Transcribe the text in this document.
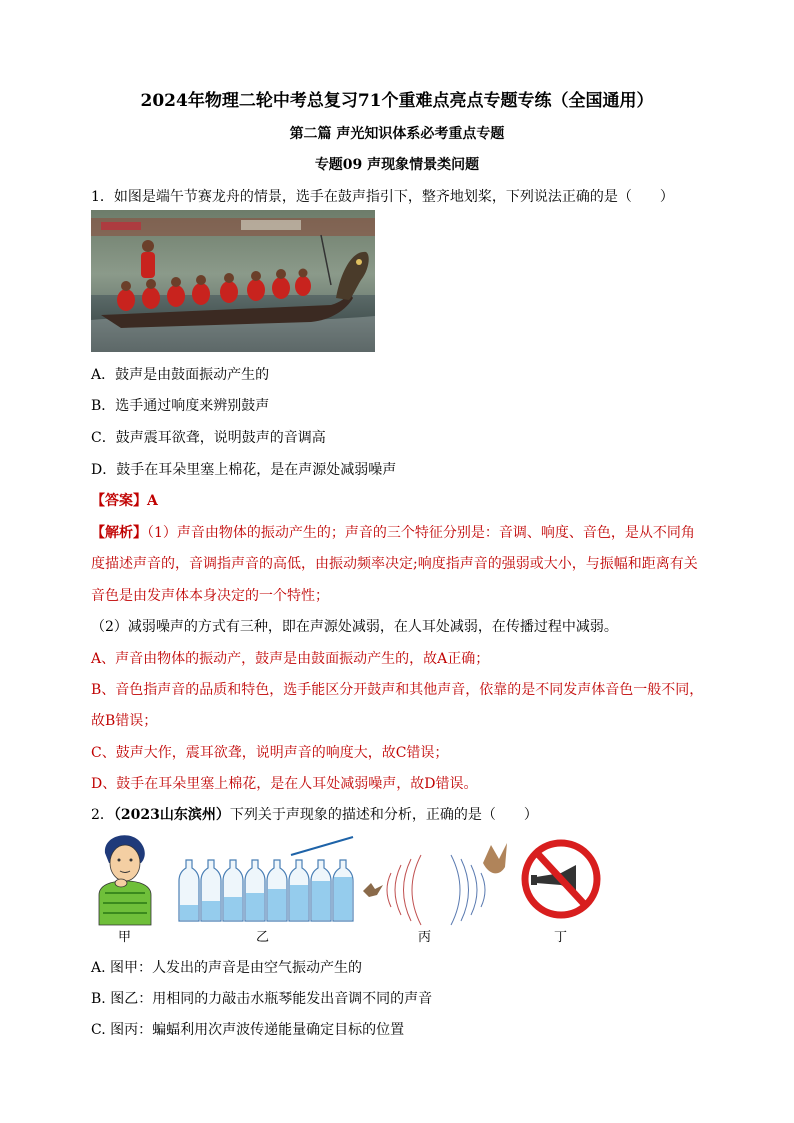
2024年物理二轮中考总复习71个重难点亮点专题专练（全国通用）
第二篇 声光知识体系必考重点专题
专题09 声现象情景类问题
1．如图是端午节赛龙舟的情景，选手在鼓声指引下，整齐地划桨，下列说法正确的是（　　）
A．鼓声是由鼓面振动产生的
B．选手通过响度来辨别鼓声
C．鼓声震耳欲聋，说明鼓声的音调高
D．鼓手在耳朵里塞上棉花，是在声源处减弱噪声
【答案】A
【解析】（1）声音由物体的振动产生的；声音的三个特征分别是：音调、响度、音色，是从不同角
度描述声音的，音调指声音的高低，由振动频率决定;响度指声音的强弱或大小，与振幅和距离有关
音色是由发声体本身决定的一个特性；
（2）减弱噪声的方式有三种，即在声源处减弱，在人耳处减弱，在传播过程中减弱。
A、声音由物体的振动产，鼓声是由鼓面振动产生的，故A正确；
B、音色指声音的品质和特色，选手能区分开鼓声和其他声音，依靠的是不同发声体音色一般不同，
故B错误；
C、鼓声大作，震耳欲聋，说明声音的响度大，故C错误；
D、鼓手在耳朵里塞上棉花，是在人耳处减弱噪声，故D错误。
2．（2023山东滨州）下列关于声现象的描述和分析，正确的是（　　）
甲	乙	丙	丁
A. 图甲：人发出的声音是由空气振动产生的
B. 图乙：用相同的力敲击水瓶琴能发出音调不同的声音
C. 图丙：蝙蝠利用次声波传递能量确定目标的位置
